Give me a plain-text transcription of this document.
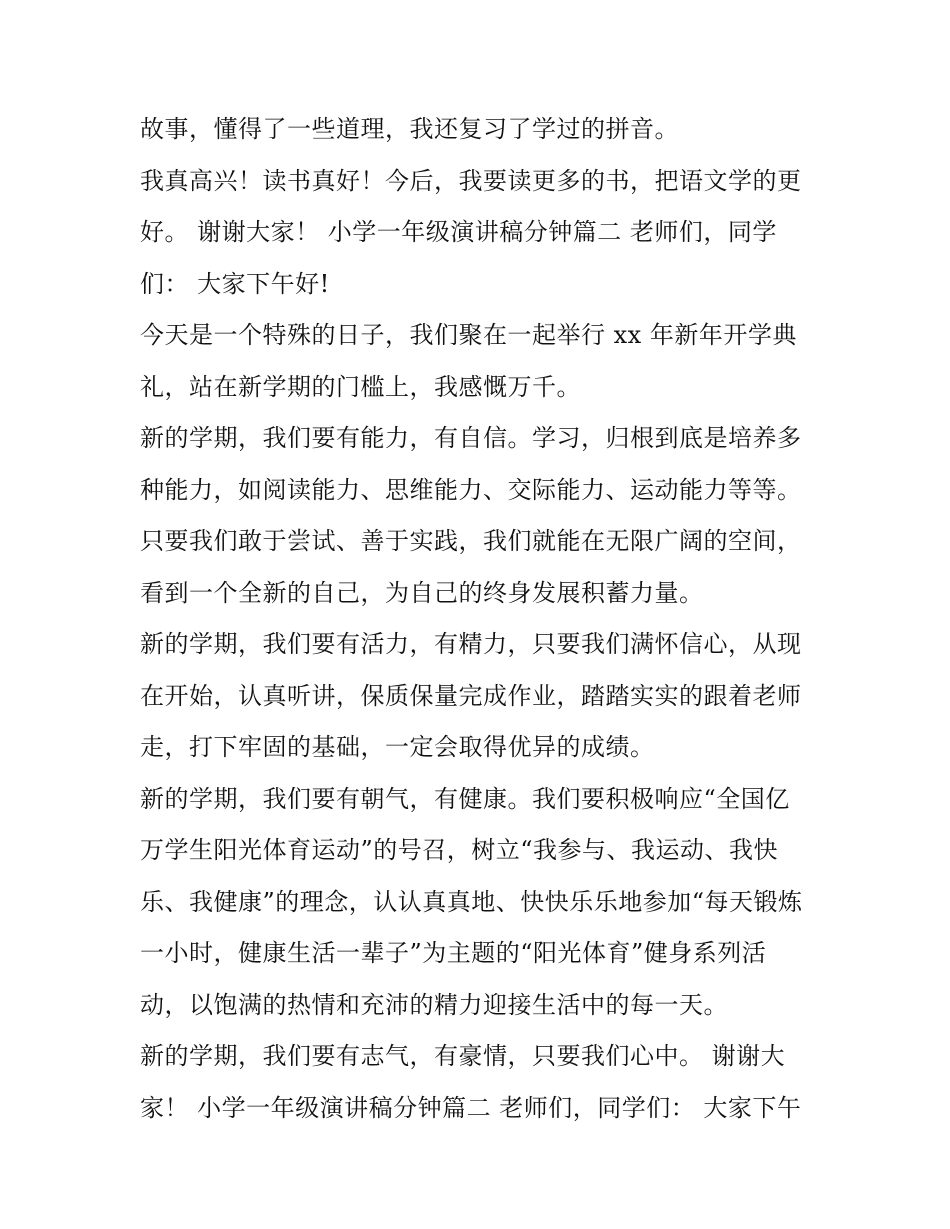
故事，懂得了一些道理，我还复习了学过的拼音。
我真高兴！读书真好！今后，我要读更多的书，把语文学的更
好。 谢谢大家！ 小学一年级演讲稿分钟篇二 老师们，同学
们： 大家下午好!
今天是一个特殊的日子，我们聚在一起举行 xx 年新年开学典
礼，站在新学期的门槛上，我感慨万千。
新的学期，我们要有能力，有自信。学习，归根到底是培养多
种能力，如阅读能力、思维能力、交际能力、运动能力等等。
只要我们敢于尝试、善于实践，我们就能在无限广阔的空间，
看到一个全新的自己，为自己的终身发展积蓄力量。
新的学期，我们要有活力，有精力，只要我们满怀信心，从现
在开始，认真听讲，保质保量完成作业，踏踏实实的跟着老师
走，打下牢固的基础，一定会取得优异的成绩。
新的学期，我们要有朝气，有健康。我们要积极响应“全国亿
万学生阳光体育运动”的号召，树立“我参与、我运动、我快
乐、我健康”的理念，认认真真地、快快乐乐地参加“每天锻炼
一小时，健康生活一辈子”为主题的“阳光体育”健身系列活
动，以饱满的热情和充沛的精力迎接生活中的每一天。
新的学期，我们要有志气，有豪情，只要我们心中。 谢谢大
家！ 小学一年级演讲稿分钟篇二 老师们，同学们： 大家下午
